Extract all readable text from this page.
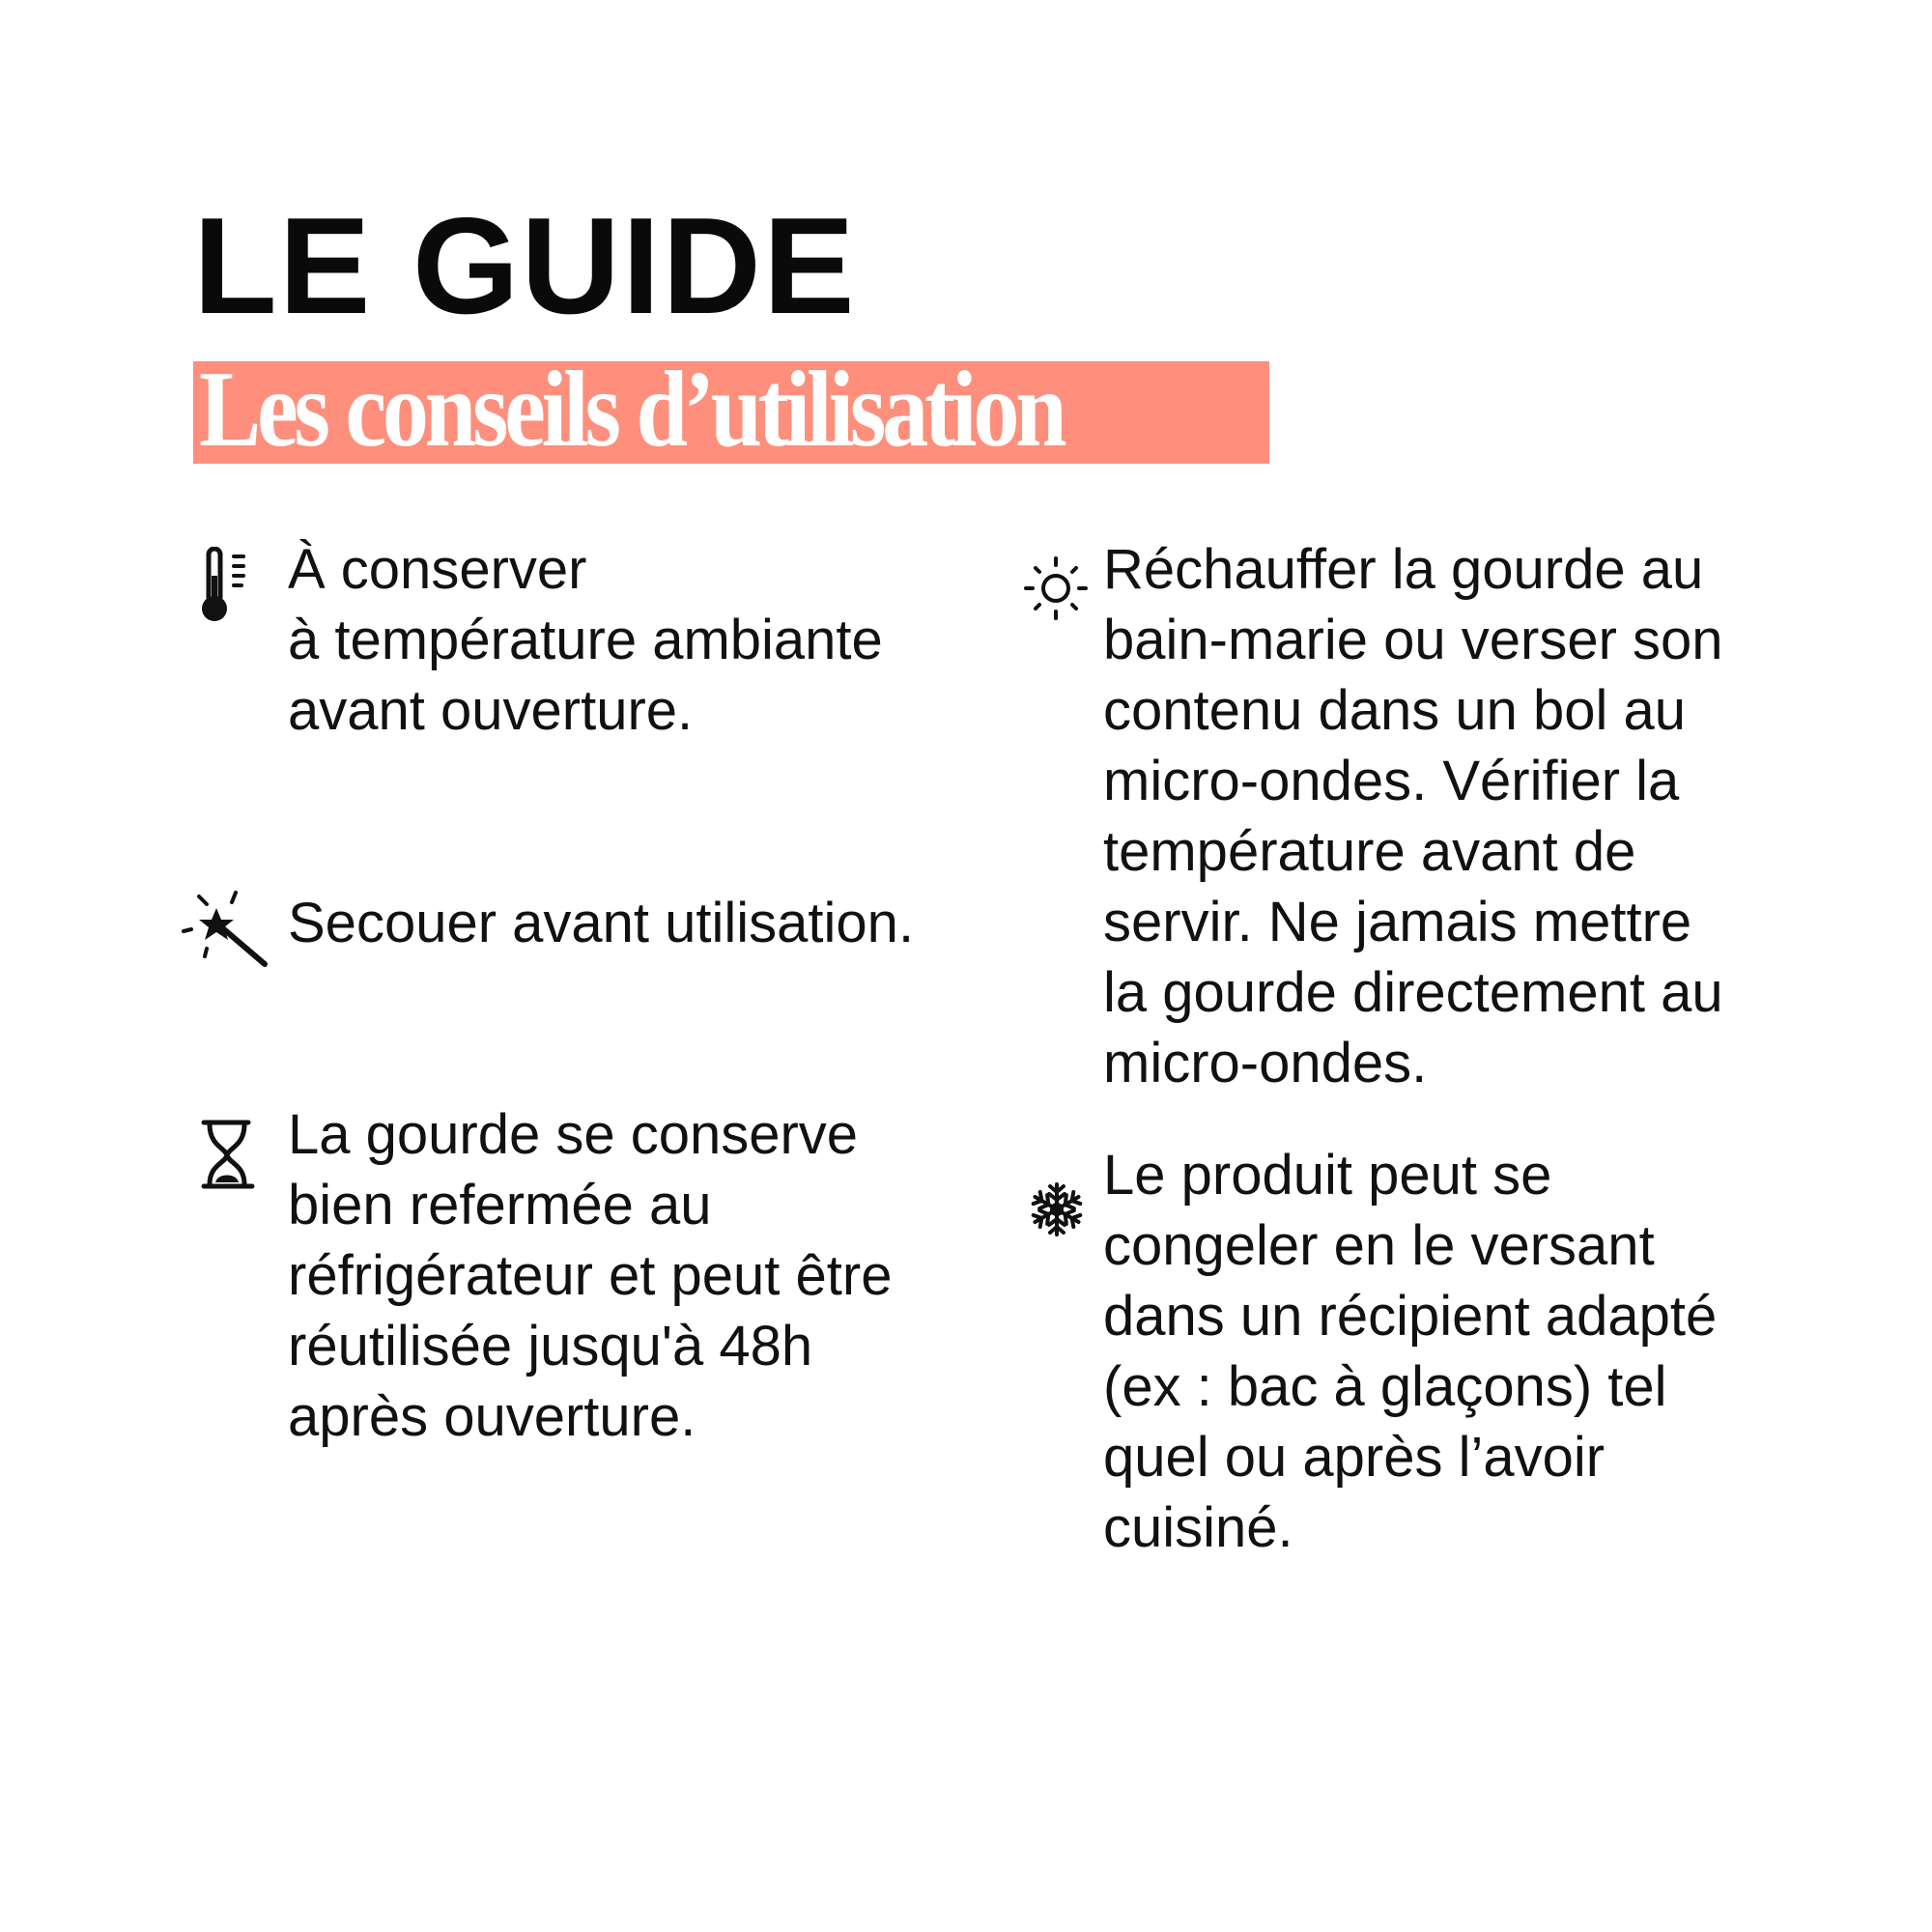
LE GUIDE
Les conseils d’utilisation
À conserver
à température ambiante
avant ouverture.
Secouer avant utilisation.
La gourde se conserve
bien refermée au
réfrigérateur et peut être
réutilisée jusqu'à 48h
après ouverture.
Réchauffer la gourde au
bain-marie ou verser son
contenu dans un bol au
micro-ondes. Vérifier la
température avant de
servir. Ne jamais mettre
la gourde directement au
micro-ondes.
Le produit peut se
congeler en le versant
dans un récipient adapté
(ex : bac à glaçons) tel
quel ou après l’avoir
cuisiné.
